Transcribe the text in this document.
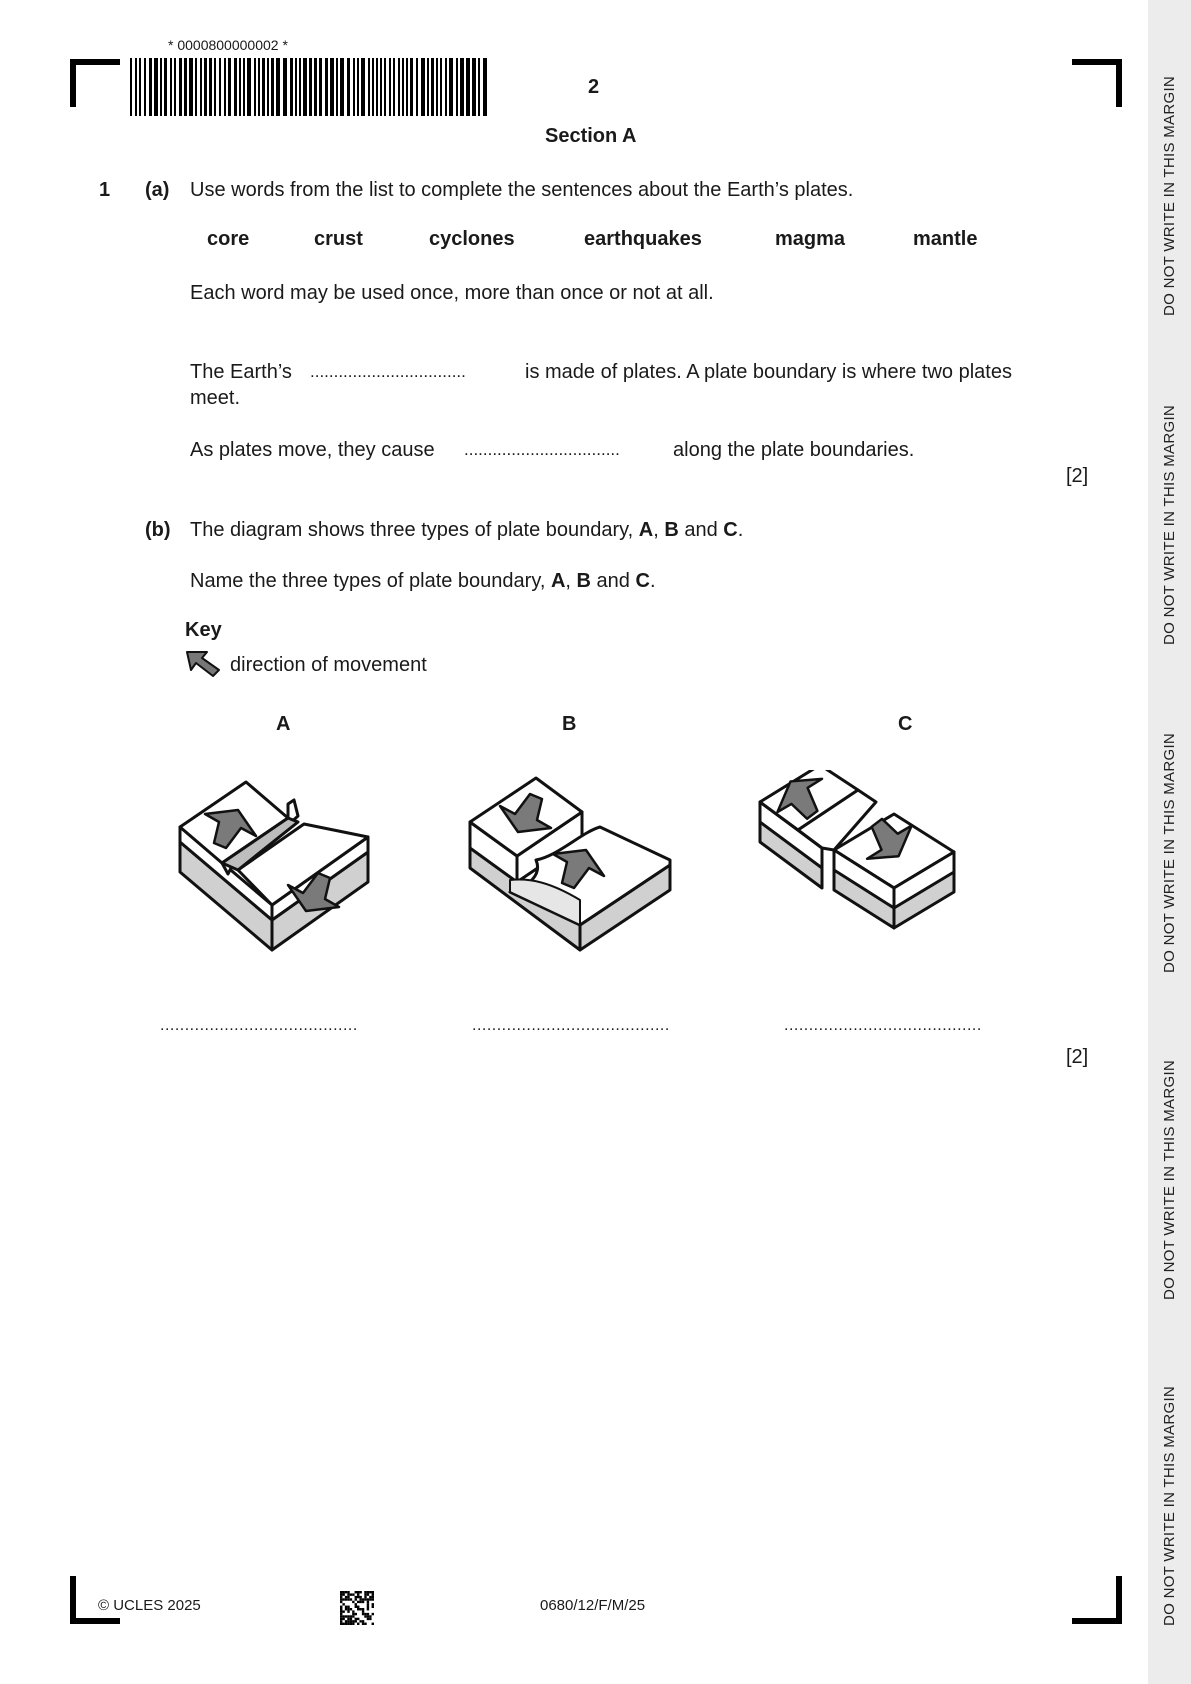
DO NOT WRITE IN THIS MARGIN
DO NOT WRITE IN THIS MARGIN
DO NOT WRITE IN THIS MARGIN
DO NOT WRITE IN THIS MARGIN
DO NOT WRITE IN THIS MARGIN
* 0000800000002 *
2
Section A
1 (a) Use words from the list to complete the sentences about the Earth’s plates.
core	crust	cyclones	earthquakes	magma	mantle
Each word may be used once, more than once or not at all.
The Earth’s .................................	is made of plates. A plate boundary is where two plates
meet.
As plates move, they cause .................................	along the plate boundaries.
[2]
(b) The diagram shows three types of plate boundary, A, B and C.
Name the three types of plate boundary, A, B and C.
Key
direction of movement
A	B	C
........................................	........................................	........................................
[2]
© UCLES 2025	0680/12/F/M/25
